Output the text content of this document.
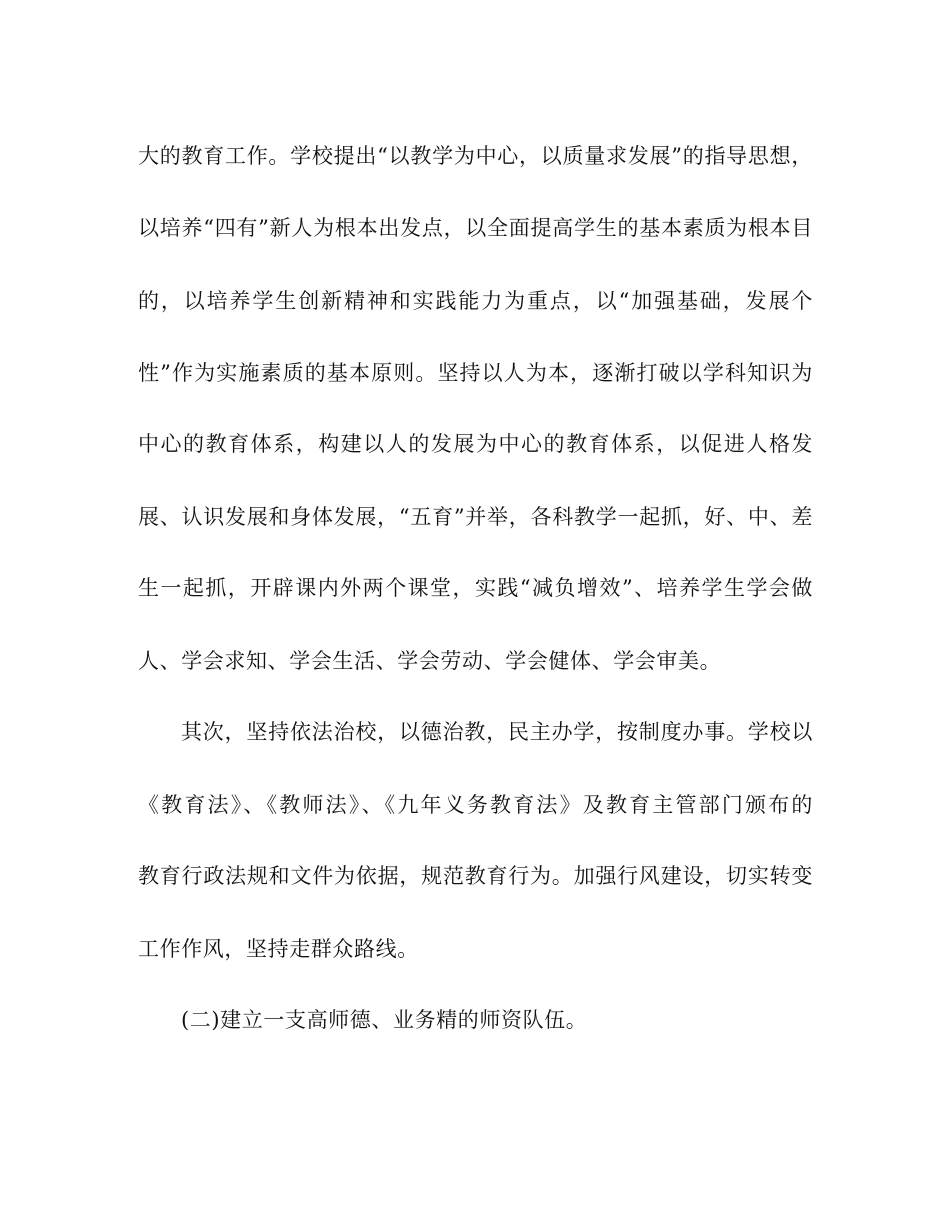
大的教育工作。学校提出“以教学为中心，以质量求发展”的指导思想，
以培养“四有”新人为根本出发点，以全面提高学生的基本素质为根本目
的，以培养学生创新精神和实践能力为重点，以“加强基础，发展个
性”作为实施素质的基本原则。坚持以人为本，逐渐打破以学科知识为
中心的教育体系，构建以人的发展为中心的教育体系，以促进人格发
展、认识发展和身体发展，“五育”并举，各科教学一起抓，好、中、差
生一起抓，开辟课内外两个课堂，实践“减负增效”、培养学生学会做
人、学会求知、学会生活、学会劳动、学会健体、学会审美。
其次，坚持依法治校，以德治教，民主办学，按制度办事。学校以
《教育法》、《教师法》、《九年义务教育法》及教育主管部门颁布的
教育行政法规和文件为依据，规范教育行为。加强行风建设，切实转变
工作作风，坚持走群众路线。
(二)建立一支高师德、业务精的师资队伍。
